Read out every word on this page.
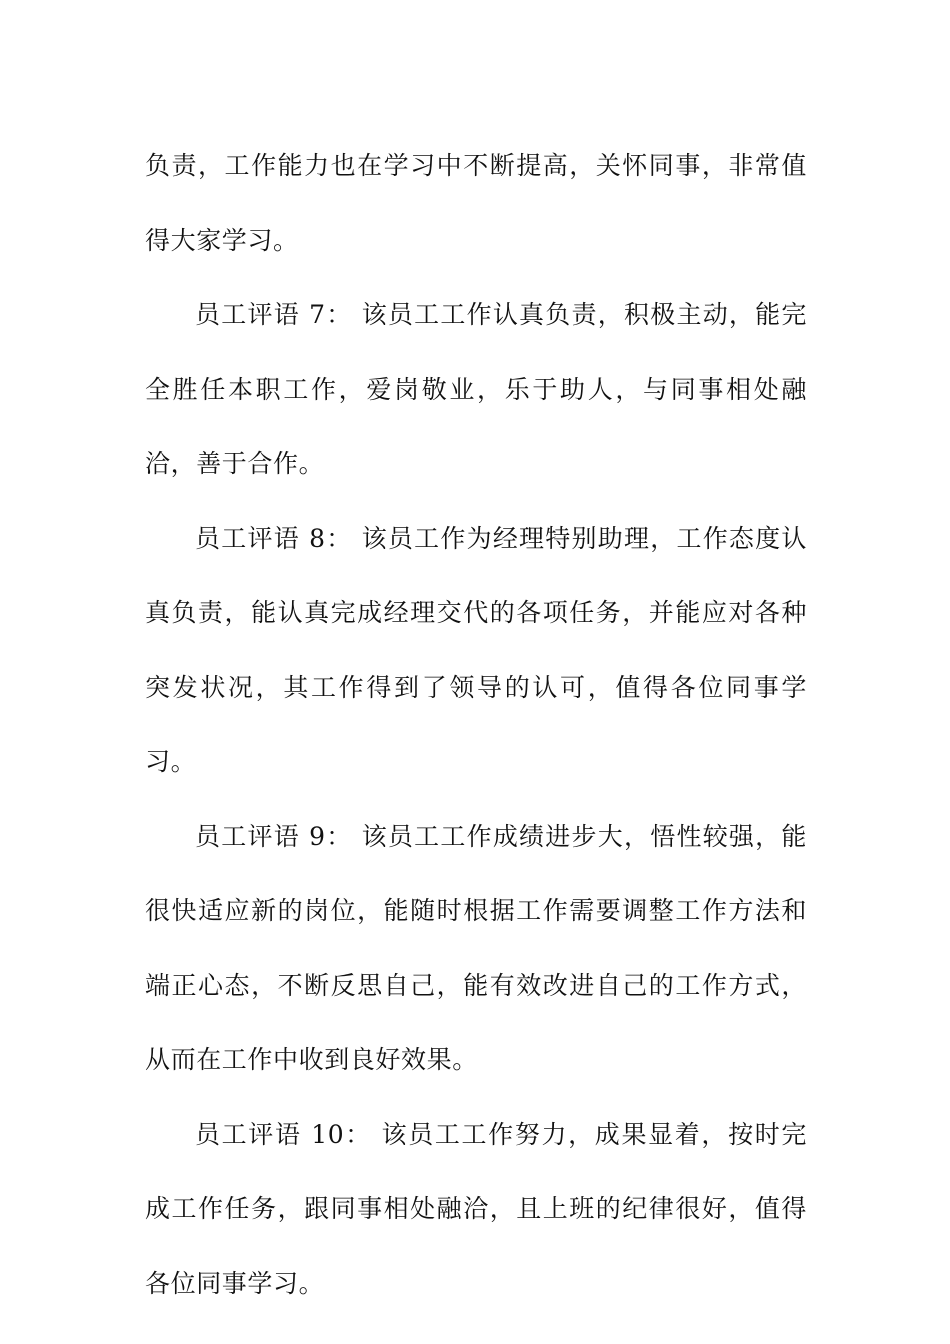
负责，工作能力也在学习中不断提高，关怀同事，非常值得大家学习。

员工评语 7： 该员工工作认真负责，积极主动，能完全胜任本职工作，爱岗敬业，乐于助人，与同事相处融洽，善于合作。

员工评语 8： 该员工作为经理特别助理，工作态度认真负责，能认真完成经理交代的各项任务，并能应对各种突发状况，其工作得到了领导的认可，值得各位同事学习。

员工评语 9： 该员工工作成绩进步大，悟性较强，能很快适应新的岗位，能随时根据工作需要调整工作方法和端正心态，不断反思自己，能有效改进自己的工作方式，从而在工作中收到良好效果。

员工评语 10： 该员工工作努力，成果显着，按时完成工作任务，跟同事相处融洽，且上班的纪律很好，值得各位同事学习。
